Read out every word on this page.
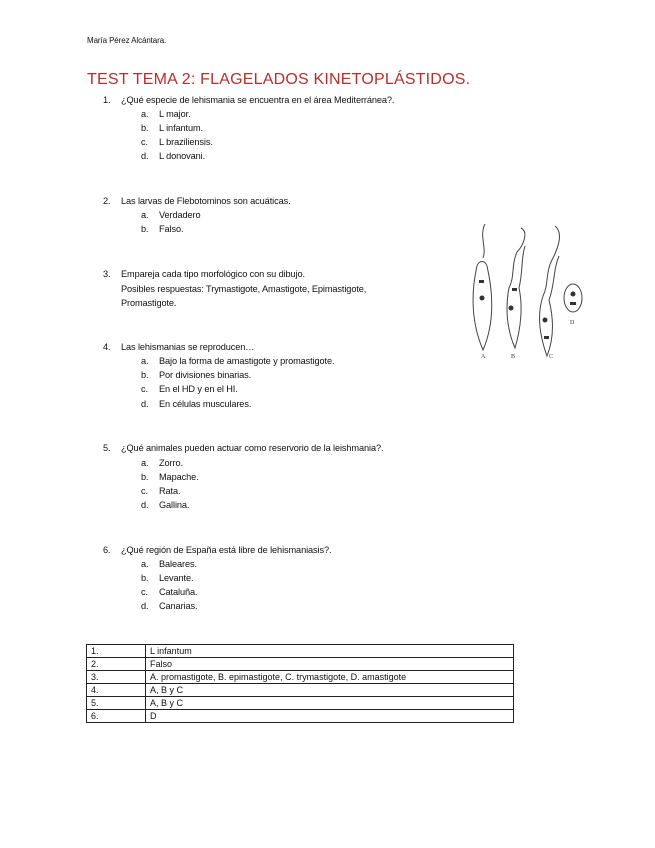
María Pérez Alcántara.
TEST TEMA 2: FLAGELADOS KINETOPLÁSTIDOS.
1. ¿Qué especie de lehismania se encuentra en el área Mediterránea?.
a. L major.
b. L infantum.
c. L braziliensis.
d. L donovani.
2. Las larvas de Flebotominos son acuáticas.
a. Verdadero
b. Falso.
3. Empareja cada tipo morfológico con su dibujo.
Posibles respuestas: Trymastigote, Amastigote, Epimastigote,
Promastigote.
A	B	C
D
4. Las lehismanias se reproducen…
a. Bajo la forma de amastigote y promastigote.
b. Por divisiones binarias.
c. En el HD y en el HI.
d. En células musculares.
5. ¿Qué animales pueden actuar como reservorio de la leishmania?.
a. Zorro.
b. Mapache.
c. Rata.
d. Gallina.
6. ¿Qué región de España está libre de lehismaniasis?.
a. Baleares.
b. Levante.
c. Cataluña.
d. Canarias.
1.	L infantum
2.	Falso
3.	A. promastigote, B. epimastigote, C. trymastigote, D. amastigote
4.	A, B y C
5.	A, B y C
6.	D
